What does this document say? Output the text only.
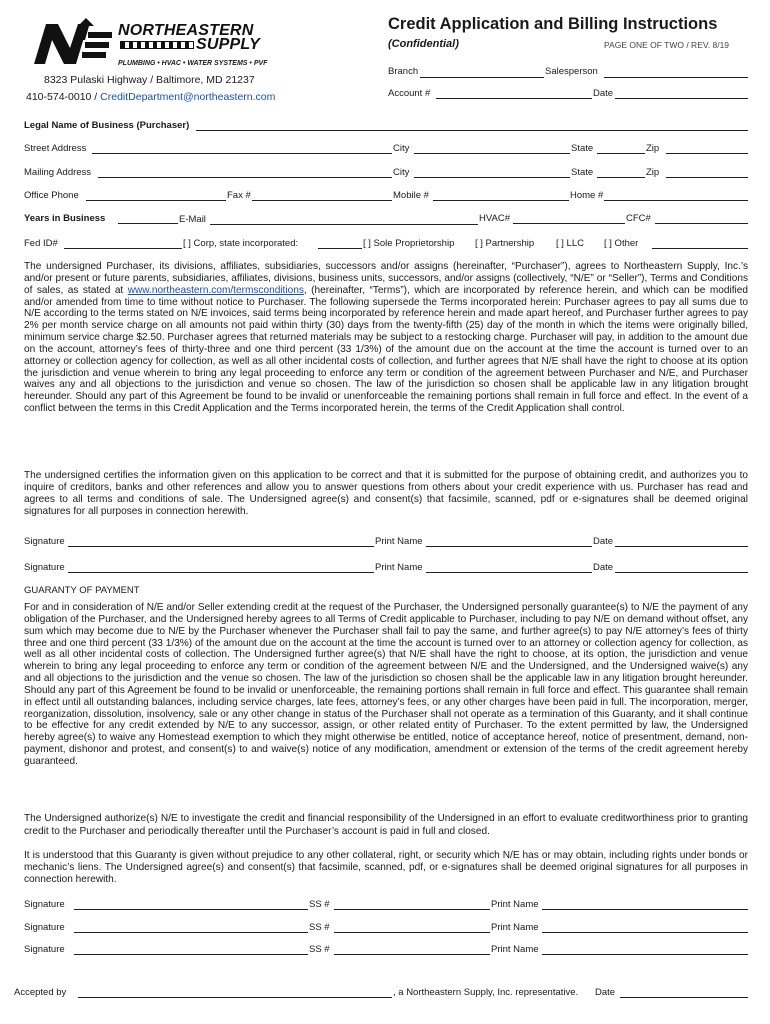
NORTHEASTERN
SUPPLY
PLUMBING • HVAC • WATER SYSTEMS • PVF
8323 Pulaski Highway / Baltimore, MD 21237
410-574-0010 / CreditDepartment@northeastern.com
Credit Application and Billing Instructions
(Confidential)	PAGE ONE OF TWO / REV. 8/19
Branch	Salesperson
Account #	Date
Legal Name of Business (Purchaser)
Street Address	City	State	Zip
Mailing Address	City	State	Zip
Office Phone	Fax #	Mobile #	Home #
Years in Business	E-Mail	HVAC#	CFC#
Fed ID#	[ ] Corp, state incorporated:	[ ] Sole Proprietorship [ ] Partnership [ ] LLC [ ] Other
The undersigned Purchaser, its divisions, affiliates, subsidiaries, successors and/or assigns (hereinafter, “Purchaser”), agrees to Northeastern Supply, Inc.’s and/or present or future parents, subsidiaries, affiliates, divisions, business units, successors, and/or assigns (collectively, “N/E” or “Seller”), Terms and Conditions of sales, as stated at www.northeastern.com/termsconditions, (hereinafter, “Terms”), which are incorporated by reference herein, and which can be modified and/or amended from time to time without notice to Purchaser. The following supersede the Terms incorporated herein: Purchaser agrees to pay all sums due to N/E according to the terms stated on N/E invoices, said terms being incorporated by reference herein and made apart hereof, and Purchaser further agrees to pay 2% per month service charge on all amounts not paid within thirty (30) days from the twenty-fifth (25) day of the month in which the items were originally billed, minimum service charge $2.50. Purchaser agrees that returned materials may be subject to a restocking charge. Purchaser will pay, in addition to the amount due on the account, attorney’s fees of thirty-three and one third percent (33 1/3%) of the amount due on the account at the time the account is turned over to an attorney or collection agency for collection, as well as all other incidental costs of collection, and further agrees that N/E shall have the right to choose at its option the jurisdiction and venue wherein to bring any legal proceeding to enforce any term or condition of the agreement between Purchaser and N/E, and Purchaser waives any and all objections to the jurisdiction and venue so chosen. The law of the jurisdiction so chosen shall be applicable law in any litigation brought hereunder. Should any part of this Agreement be found to be invalid or unenforceable the remaining portions shall remain in full force and effect. In the event of a conflict between the terms in this Credit Application and the Terms incorporated herein, the terms of the Credit Application shall control.
The undersigned certifies the information given on this application to be correct and that it is submitted for the purpose of obtaining credit, and authorizes you to inquire of creditors, banks and other references and allow you to answer questions from others about your credit experience with us. Purchaser has read and agrees to all terms and conditions of sale. The Undersigned agree(s) and consent(s) that facsimile, scanned, pdf or e-signatures shall be deemed original signatures for all purposes in connection herewith.
Signature	Print Name	Date
Signature	Print Name	Date
GUARANTY OF PAYMENT
For and in consideration of N/E and/or Seller extending credit at the request of the Purchaser, the Undersigned personally guarantee(s) to N/E the payment of any obligation of the Purchaser, and the Undersigned hereby agrees to all Terms of Credit applicable to Purchaser, including to pay N/E on demand without offset, any sum which may become due to N/E by the Purchaser whenever the Purchaser shall fail to pay the same, and further agree(s) to pay N/E attorney’s fees of thirty three and one third percent (33 1/3%) of the amount due on the account at the time the account is turned over to an attorney or collection agency for collection, as well as all other incidental costs of collection. The Undersigned further agree(s) that N/E shall have the right to choose, at its option, the jurisdiction and venue wherein to bring any legal proceeding to enforce any term or condition of the agreement between N/E and the Undersigned, and the Undersigned waive(s) any and all objections to the jurisdiction and the venue so chosen. The law of the jurisdiction so chosen shall be the applicable law in any litigation brought hereunder. Should any part of this Agreement be found to be invalid or unenforceable, the remaining portions shall remain in full force and effect. This guarantee shall remain in effect until all outstanding balances, including service charges, late fees, attorney’s fees, or any other charges have been paid in full. The incorporation, merger, reorganization, dissolution, insolvency, sale or any other change in status of the Purchaser shall not operate as a termination of this Guaranty, and it shall continue to be effective for any credit extended by N/E to any successor, assign, or other related entity of Purchaser. To the extent permitted by law, the Undersigned hereby agree(s) to waive any Homestead exemption to which they might otherwise be entitled, notice of acceptance hereof, notice of presentment, demand, non-payment, dishonor and protest, and consent(s) to and waive(s) notice of any modification, amendment or extension of the terms of the credit agreement hereby guaranteed.
The Undersigned authorize(s) N/E to investigate the credit and financial responsibility of the Undersigned in an effort to evaluate creditworthiness prior to granting credit to the Purchaser and periodically thereafter until the Purchaser’s account is paid in full and closed.
It is understood that this Guaranty is given without prejudice to any other collateral, right, or security which N/E has or may obtain, including rights under bonds or mechanic’s liens. The Undersigned agree(s) and consent(s) that facsimile, scanned, pdf, or e-signatures shall be deemed original signatures for all purposes in connection herewith.
Signature	SS #	Print Name
Signature	SS #	Print Name
Signature	SS #	Print Name
Accepted by	, a Northeastern Supply, Inc. representative. Date
